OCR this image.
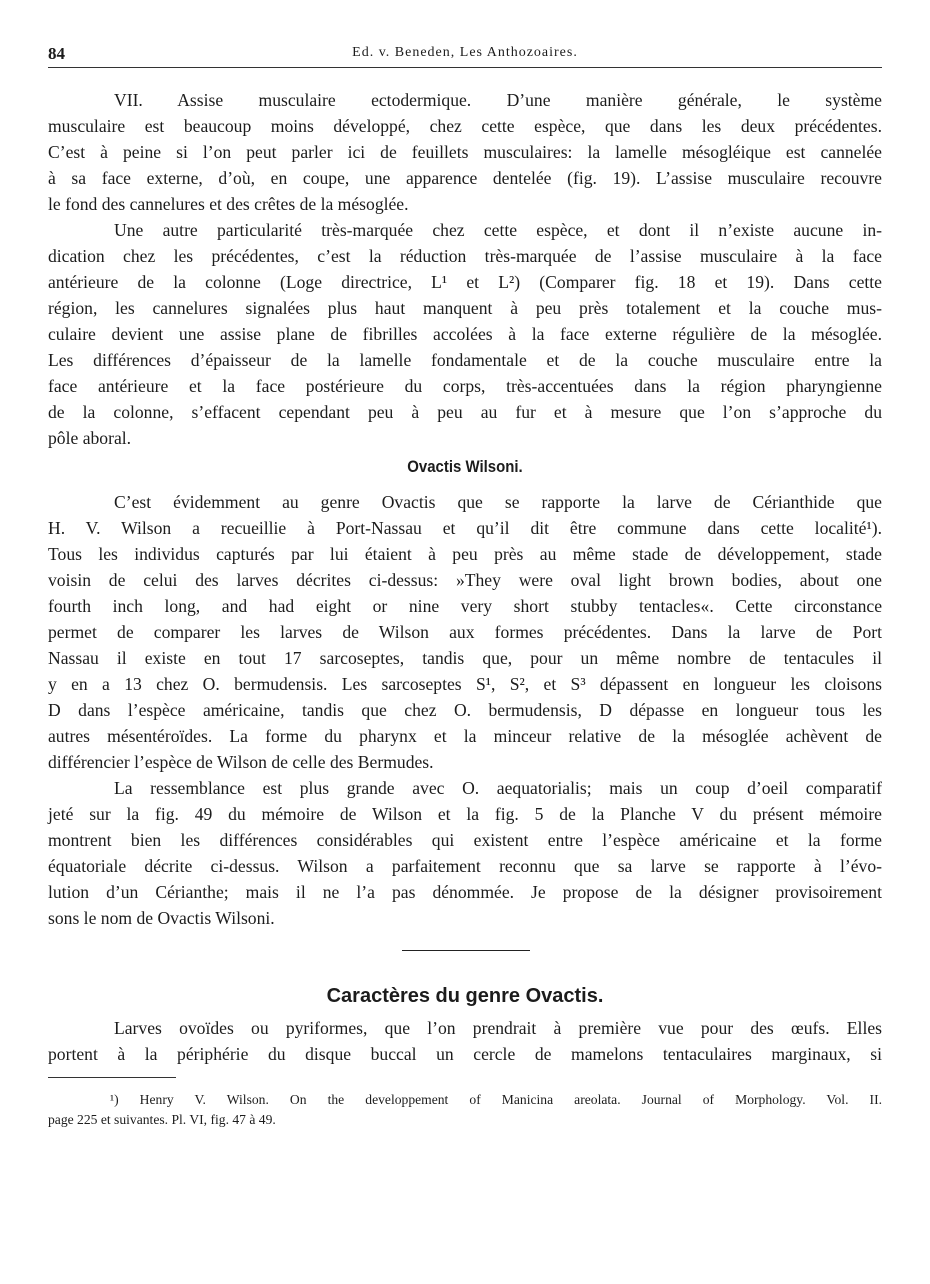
84	Ed. v. Beneden, Les Anthozoaires.

VII. Assise musculaire ectodermique. D’une manière générale, le système
musculaire est beaucoup moins développé, chez cette espèce, que dans les deux précédentes.
C’est à peine si l’on peut parler ici de feuillets musculaires: la lamelle mésogléique est cannelée
à sa face externe, d’où, en coupe, une apparence dentelée (fig. 19). L’assise musculaire recouvre
le fond des cannelures et des crêtes de la mésoglée.

Une autre particularité très-marquée chez cette espèce, et dont il n’existe aucune in-
dication chez les précédentes, c’est la réduction très-marquée de l’assise musculaire à la face
antérieure de la colonne (Loge directrice, L¹ et L²) (Comparer fig. 18 et 19). Dans cette
région, les cannelures signalées plus haut manquent à peu près totalement et la couche mus-
culaire devient une assise plane de fibrilles accolées à la face externe régulière de la mésoglée.
Les différences d’épaisseur de la lamelle fondamentale et de la couche musculaire entre la
face antérieure et la face postérieure du corps, très-accentuées dans la région pharyngienne
de la colonne, s’effacent cependant peu à peu au fur et à mesure que l’on s’approche du
pôle aboral.

Ovactis Wilsoni.

C’est évidemment au genre Ovactis que se rapporte la larve de Cérianthide que
H. V. Wilson a recueillie à Port-Nassau et qu’il dit être commune dans cette localité¹).
Tous les individus capturés par lui étaient à peu près au même stade de développement, stade
voisin de celui des larves décrites ci-dessus: »They were oval light brown bodies, about one
fourth inch long, and had eight or nine very short stubby tentacles«. Cette circonstance
permet de comparer les larves de Wilson aux formes précédentes. Dans la larve de Port
Nassau il existe en tout 17 sarcoseptes, tandis que, pour un même nombre de tentacules il
y en a 13 chez O. bermudensis. Les sarcoseptes S¹, S², et S³ dépassent en longueur les cloisons
D dans l’espèce américaine, tandis que chez O. bermudensis, D dépasse en longueur tous les
autres mésentéroïdes. La forme du pharynx et la minceur relative de la mésoglée achèvent de
différencier l’espèce de Wilson de celle des Bermudes.

La ressemblance est plus grande avec O. aequatorialis; mais un coup d’oeil comparatif
jeté sur la fig. 49 du mémoire de Wilson et la fig. 5 de la Planche V du présent mémoire
montrent bien les différences considérables qui existent entre l’espèce américaine et la forme
équatoriale décrite ci-dessus. Wilson a parfaitement reconnu que sa larve se rapporte à l’évo-
lution d’un Cérianthe; mais il ne l’a pas dénommée. Je propose de la désigner provisoirement
sons le nom de Ovactis Wilsoni.

Caractères du genre Ovactis.

Larves ovoïdes ou pyriformes, que l’on prendrait à première vue pour des œufs. Elles
portent à la périphérie du disque buccal un cercle de mamelons tentaculaires marginaux, si

¹) Henry V. Wilson. On the developpement of Manicina areolata. Journal of Morphology. Vol. II.
page 225 et suivantes. Pl. VI, fig. 47 à 49.
